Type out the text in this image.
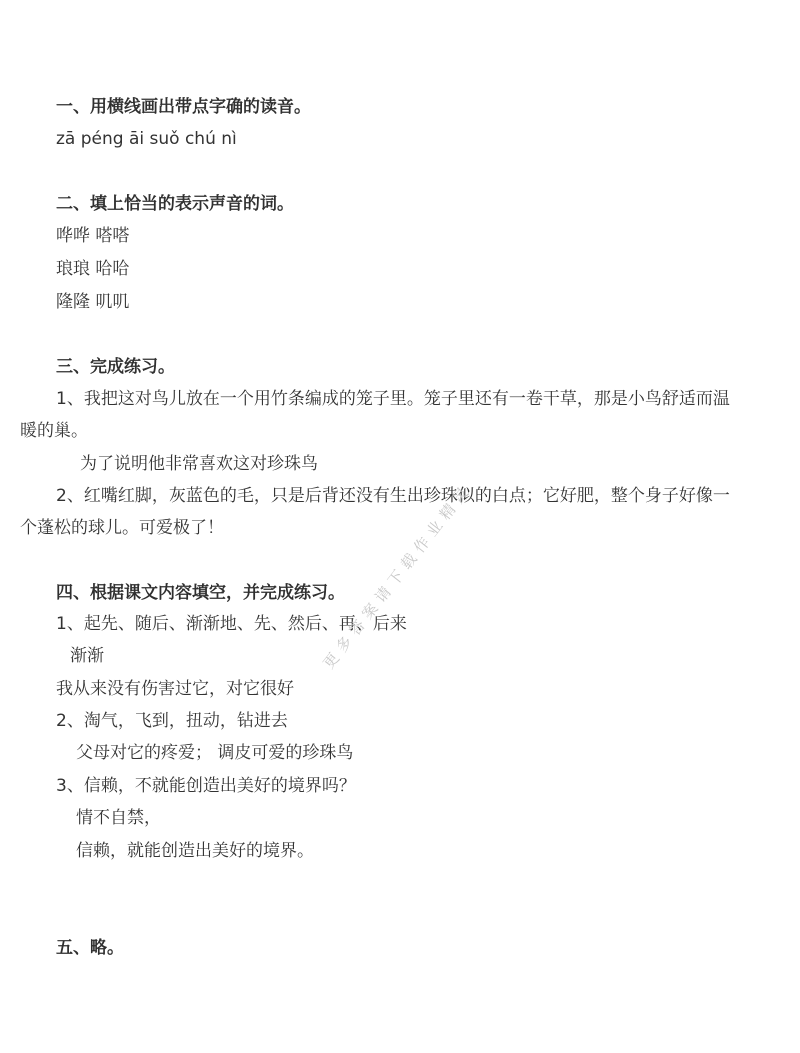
一、用横线画出带点字确的读音。
zā péng āi suǒ chú nì
二、填上恰当的表示声音的词。
哗哗 嗒嗒
琅琅 哈哈
隆隆 叽叽
三、完成练习。
1、我把这对鸟儿放在一个用竹条编成的笼子里。笼子里还有一卷干草，那是小鸟舒适而温
暖的巢。
为了说明他非常喜欢这对珍珠鸟
2、红嘴红脚，灰蓝色的毛，只是后背还没有生出珍珠似的白点；它好肥，整个身子好像一
个蓬松的球儿。可爱极了！
四、根据课文内容填空，并完成练习。
1、起先、随后、渐渐地、先、然后、再、后来
渐渐
我从来没有伤害过它，对它很好
2、淘气，飞到，扭动，钻进去
父母对它的疼爱； 调皮可爱的珍珠鸟
3、信赖，不就能创造出美好的境界吗？
情不自禁，
信赖，就能创造出美好的境界。
五、略。
更多答案请下载作业精灵
